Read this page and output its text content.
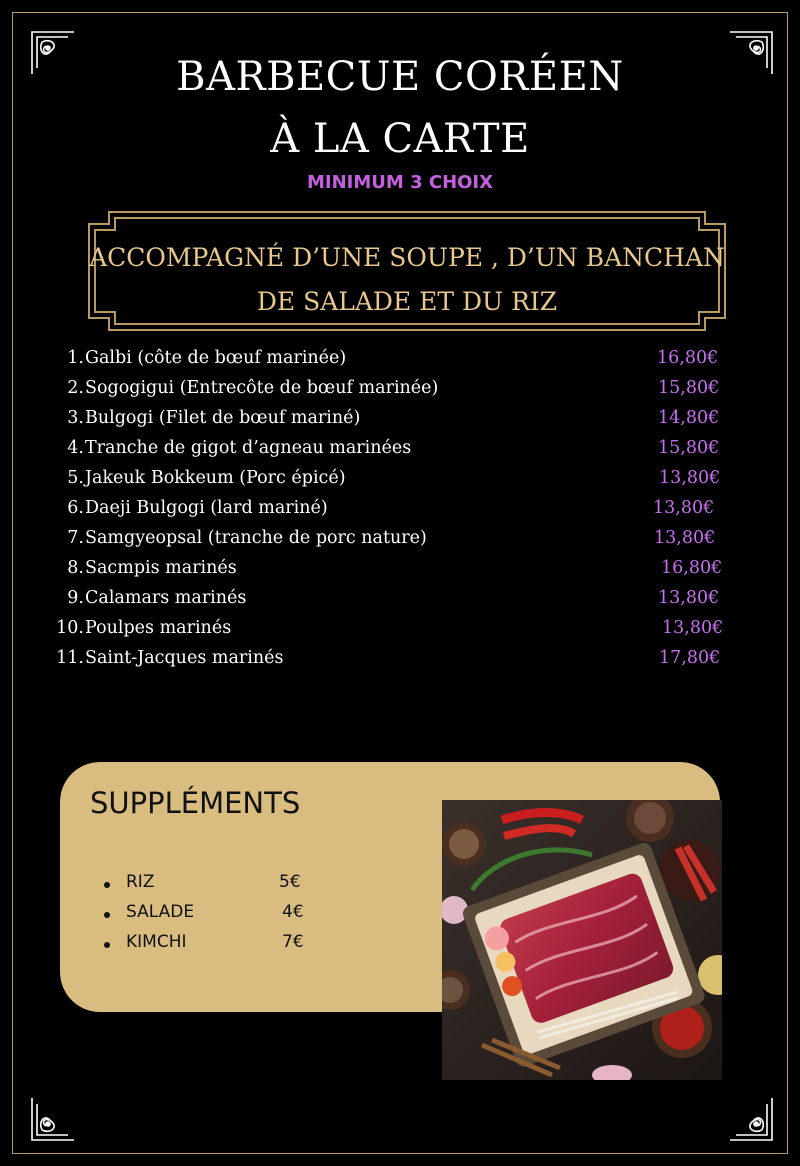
BARBECUE CORÉEN
À LA CARTE
MINIMUM 3 CHOIX
ACCOMPAGNÉ D’UNE SOUPE , D’UN BANCHAN
DE SALADE ET DU RIZ
1. Galbi (côte de bœuf marinée)	16,80€
2. Sogogigui (Entrecôte de bœuf marinée)	15,80€
3. Bulgogi (Filet de bœuf mariné)	14,80€
4. Tranche de gigot d’agneau marinées	15,80€
5. Jakeuk Bokkeum (Porc épicé)	13,80€
6. Daeji Bulgogi (lard mariné)	13,80€
7. Samgyeopsal (tranche de porc nature)	13,80€
8. Sacmpis marinés	16,80€
9. Calamars marinés	13,80€
10. Poulpes marinés	13,80€
11. Saint-Jacques marinés	17,80€
SUPPLÉMENTS
RIZ	5€
SALADE	4€
KIMCHI	7€
